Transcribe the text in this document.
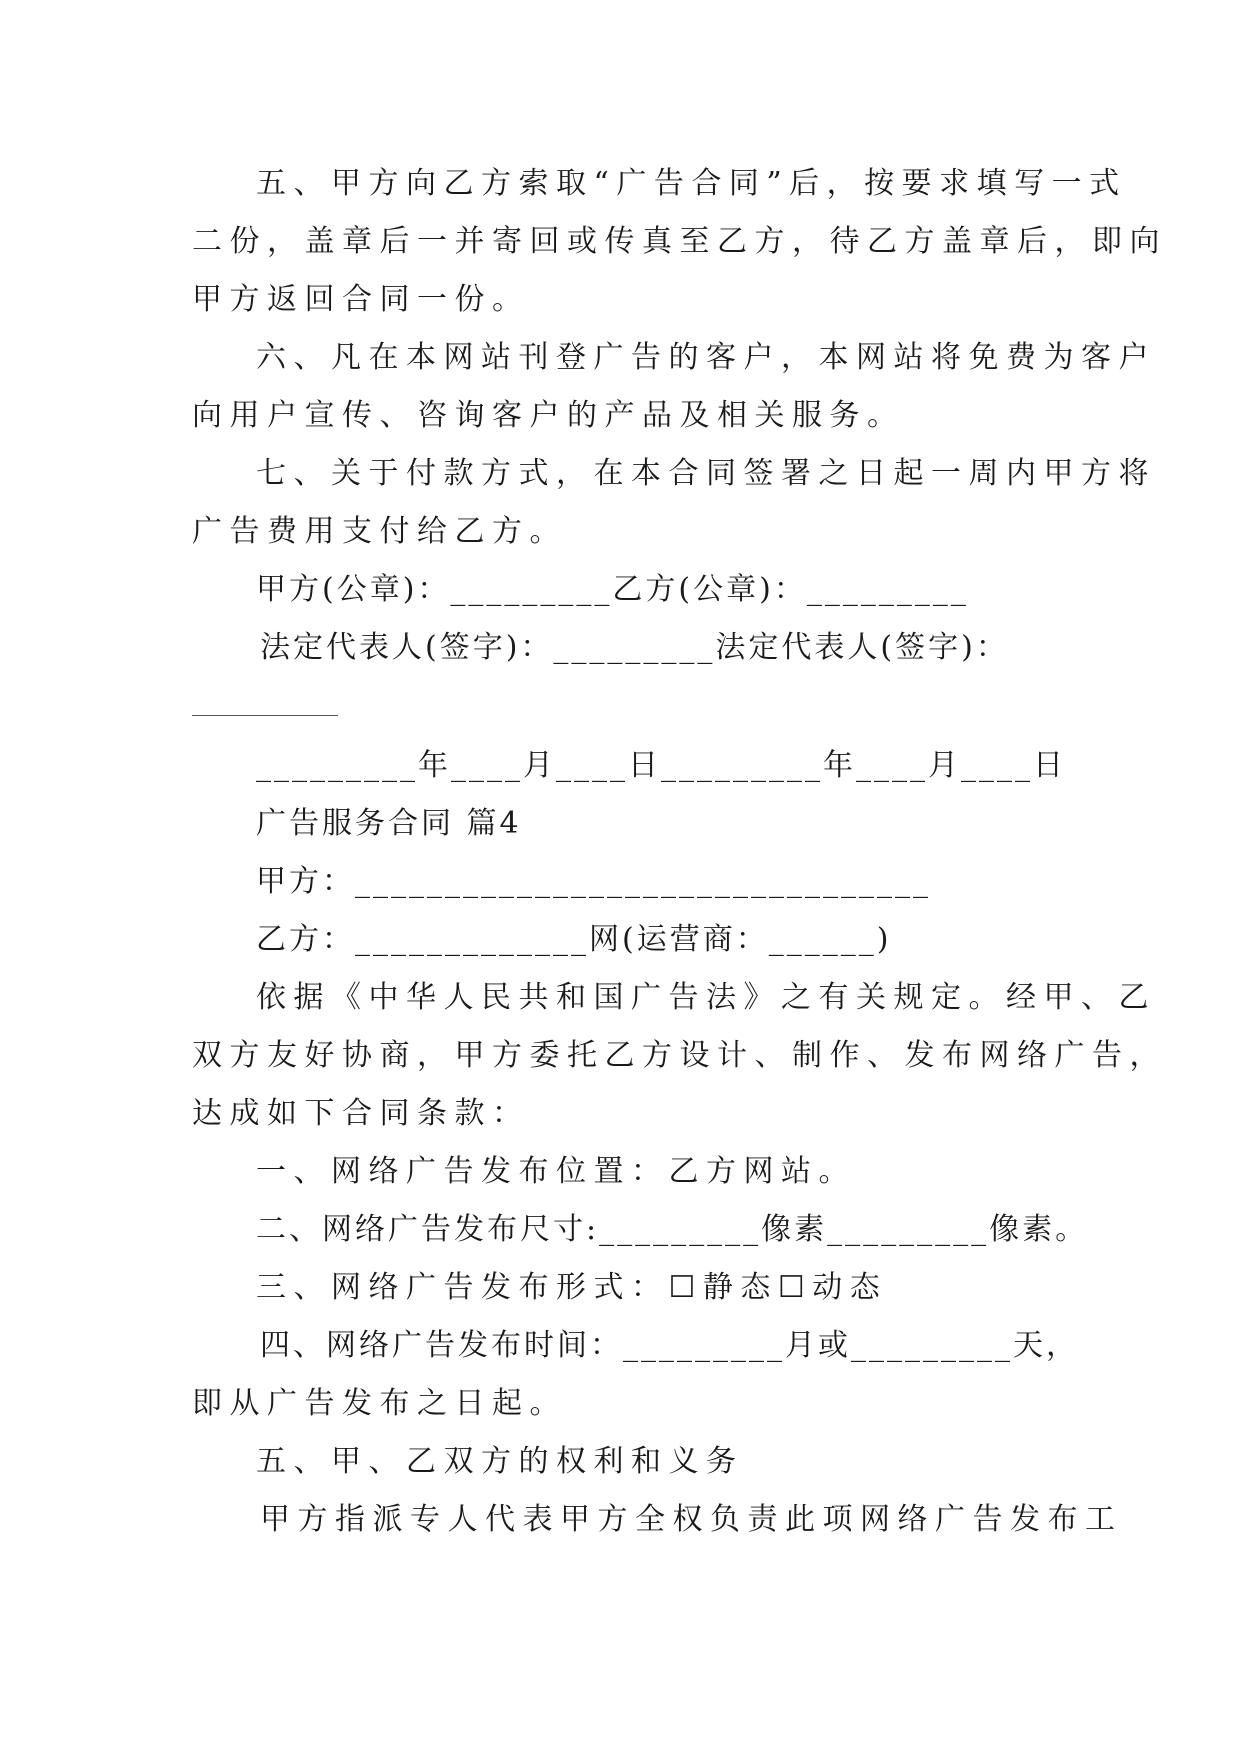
五、甲方向乙方索取“广告合同”后，按要求填写一式
二份，盖章后一并寄回或传真至乙方，待乙方盖章后，即向
甲方返回合同一份。
六、凡在本网站刊登广告的客户，本网站将免费为客户
向用户宣传、咨询客户的产品及相关服务。
七、关于付款方式，在本合同签署之日起一周内甲方将
广告费用支付给乙方。
甲方(公章)：_________乙方(公章)：_________
法定代表人(签字)：_________法定代表人(签字)：
_________年____月____日_________年____月____日
广告服务合同 篇4
甲方：________________________________
乙方：_____________网(运营商：______)
依据《中华人民共和国广告法》之有关规定。经甲、乙
双方友好协商，甲方委托乙方设计、制作、发布网络广告，
达成如下合同条款：
一、网络广告发布位置：乙方网站。
二、网络广告发布尺寸:_________像素_________像素。
三、网络广告发布形式：☐静态☐动态
四、网络广告发布时间：_________月或_________天，
即从广告发布之日起。
五、甲、乙双方的权利和义务
甲方指派专人代表甲方全权负责此项网络广告发布工
